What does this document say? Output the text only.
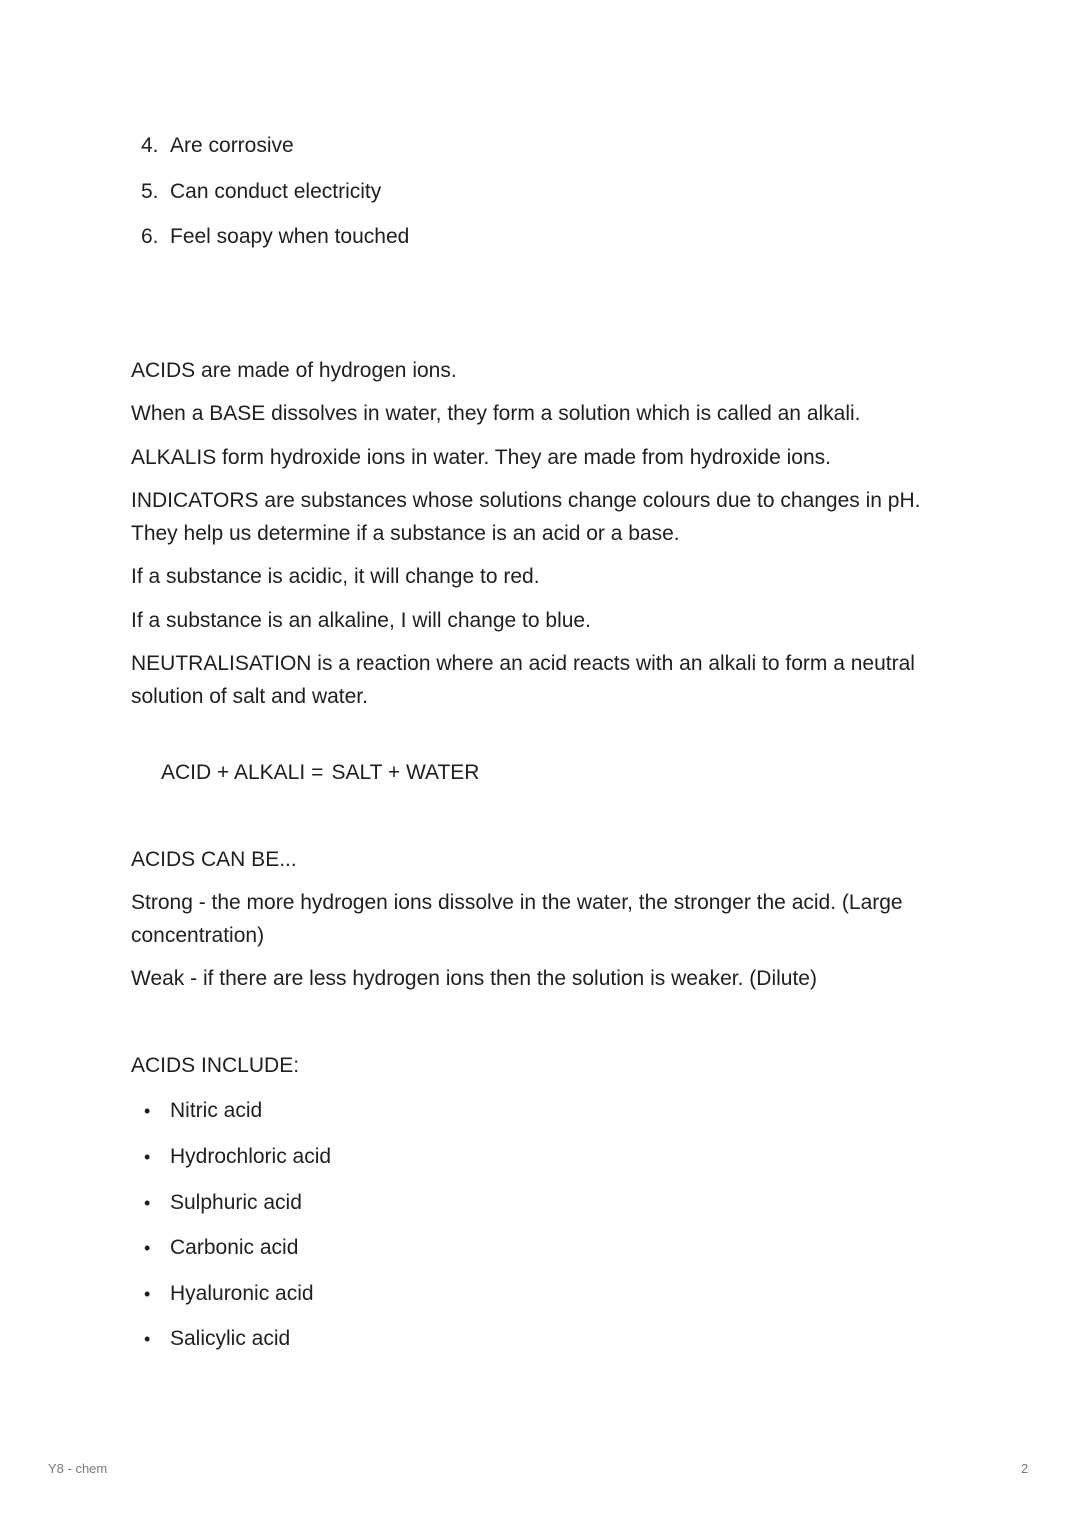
4. Are corrosive
5. Can conduct electricity
6. Feel soapy when touched
ACIDS are made of hydrogen ions.
When a BASE dissolves in water, they form a solution which is called an alkali.
ALKALIS form hydroxide ions in water. They are made from hydroxide ions.
INDICATORS are substances whose solutions change colours due to changes in pH. They help us determine if a substance is an acid or a base.
If a substance is acidic, it will change to red.
If a substance is an alkaline, I will change to blue.
NEUTRALISATION is a reaction where an acid reacts with an alkali to form a neutral solution of salt and water.
ACID + ALKALI = SALT + WATER
ACIDS CAN BE...
Strong - the more hydrogen ions dissolve in the water, the stronger the acid. (Large concentration)
Weak - if there are less hydrogen ions then the solution is weaker. (Dilute)
ACIDS INCLUDE:
• Nitric acid
• Hydrochloric acid
• Sulphuric acid
• Carbonic acid
• Hyaluronic acid
• Salicylic acid
Y8 - chem	2
